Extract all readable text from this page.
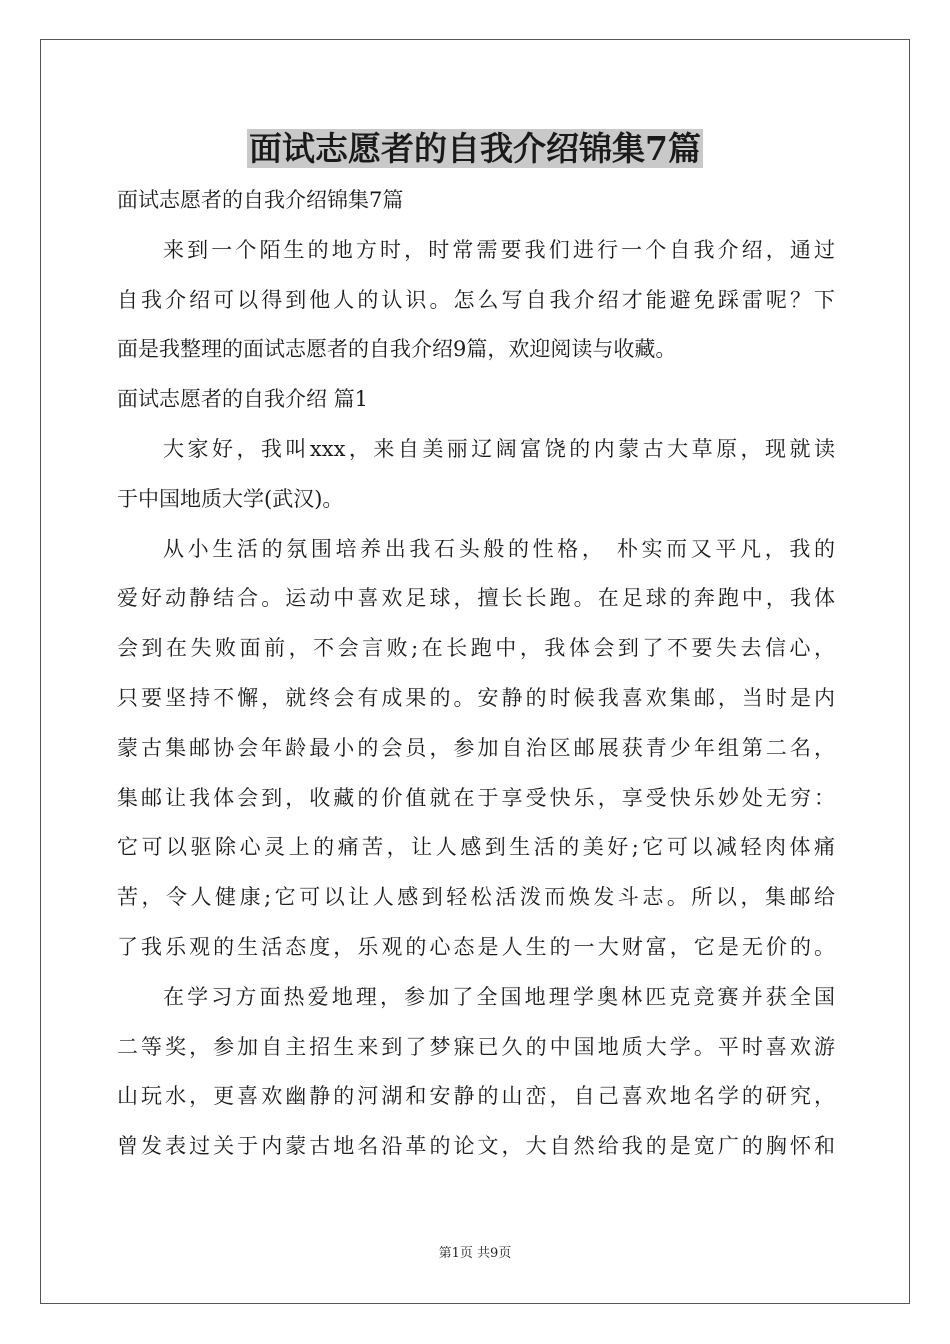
面试志愿者的自我介绍锦集7篇

面试志愿者的自我介绍锦集7篇

来到一个陌生的地方时，时常需要我们进行一个自我介绍，通过

自我介绍可以得到他人的认识。怎么写自我介绍才能避免踩雷呢？下

面是我整理的面试志愿者的自我介绍9篇，欢迎阅读与收藏。

面试志愿者的自我介绍 篇1

大家好，我叫xxx，来自美丽辽阔富饶的内蒙古大草原，现就读

于中国地质大学(武汉)。

从小生活的氛围培养出我石头般的性格， 朴实而又平凡，我的

爱好动静结合。运动中喜欢足球，擅长长跑。在足球的奔跑中，我体

会到在失败面前，不会言败;在长跑中，我体会到了不要失去信心，

只要坚持不懈，就终会有成果的。安静的时候我喜欢集邮，当时是内

蒙古集邮协会年龄最小的会员，参加自治区邮展获青少年组第二名，

集邮让我体会到，收藏的价值就在于享受快乐，享受快乐妙处无穷：

它可以驱除心灵上的痛苦，让人感到生活的美好;它可以减轻肉体痛

苦，令人健康;它可以让人感到轻松活泼而焕发斗志。所以，集邮给

了我乐观的生活态度，乐观的心态是人生的一大财富，它是无价的。

在学习方面热爱地理，参加了全国地理学奥林匹克竞赛并获全国

二等奖，参加自主招生来到了梦寐已久的中国地质大学。平时喜欢游

山玩水，更喜欢幽静的河湖和安静的山峦，自己喜欢地名学的研究，

曾发表过关于内蒙古地名沿革的论文，大自然给我的是宽广的胸怀和

第1页 共9页
